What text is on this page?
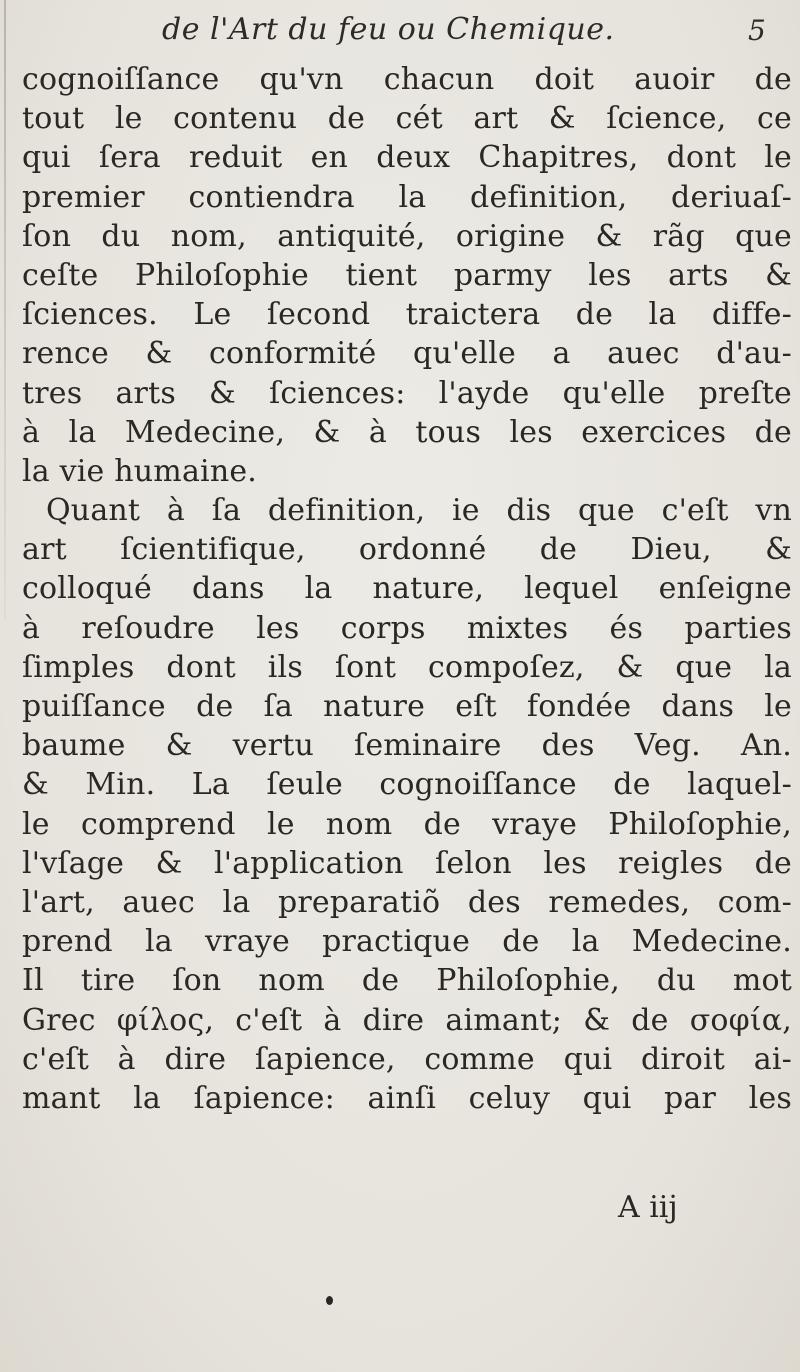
de l'Art du feu ou Chemique.	5
cognoiſſance qu'vn chacun doit auoir de
tout le contenu de cét art & ſcience, ce
qui ſera reduit en deux Chapitres, dont le
premier contiendra la definition, deriuaſ-
ſon du nom, antiquité, origine & rãg que
ceſte Philoſophie tient parmy les arts &
ſciences. Le ſecond traictera de la diffe-
rence & conformité qu'elle a auec d'au-
tres arts & ſciences: l'ayde qu'elle preſte
à la Medecine, & à tous les exercices de
la vie humaine.
Quant à ſa definition, ie dis que c'eſt vn
art ſcientifique, ordonné de Dieu, &
colloqué dans la nature, lequel enſeigne
à reſoudre les corps mixtes és parties
ſimples dont ils ſont compoſez, & que la
puiſſance de ſa nature eſt fondée dans le
baume & vertu ſeminaire des Veg. An.
& Min. La ſeule cognoiſſance de laquel-
le comprend le nom de vraye Philoſophie,
l'vſage & l'application ſelon les reigles de
l'art, auec la preparatiõ des remedes, com-
prend la vraye practique de la Medecine.
Il tire ſon nom de Philoſophie, du mot
Grec φίλος, c'eſt à dire aimant; & de σοφία,
c'eſt à dire ſapience, comme qui diroit ai-
mant la ſapience: ainſi celuy qui par les
A iij
